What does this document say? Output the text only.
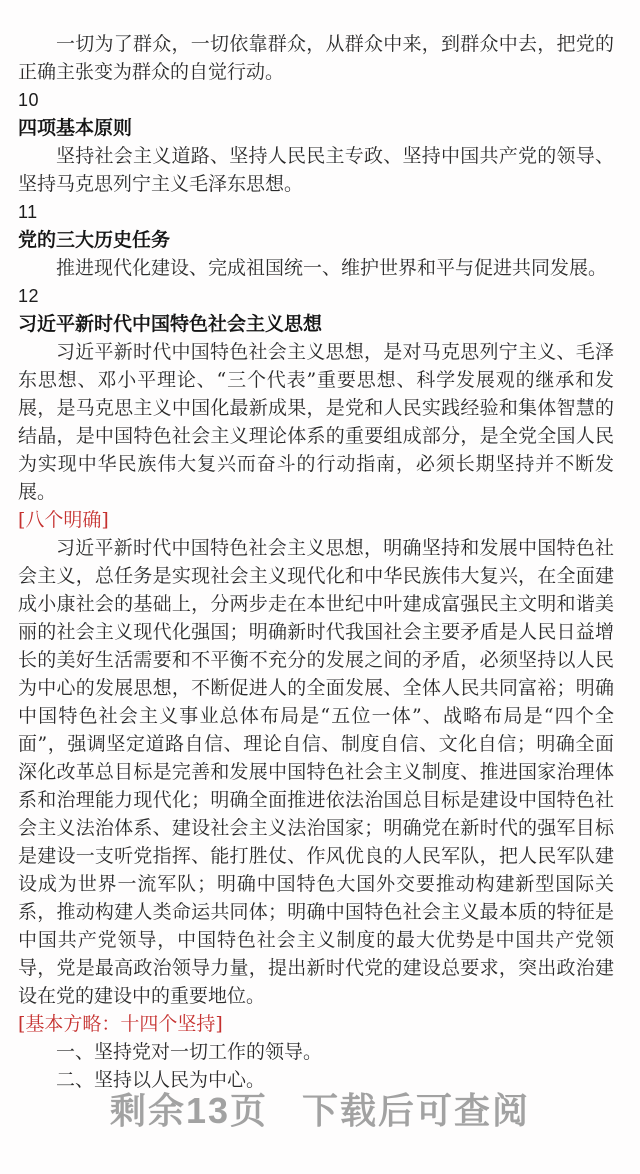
一切为了群众，一切依靠群众，从群众中来，到群众中去，把党的正确主张变为群众的自觉行动。

10
四项基本原则

坚持社会主义道路、坚持人民民主专政、坚持中国共产党的领导、坚持马克思列宁主义毛泽东思想。

11
党的三大历史任务

推进现代化建设、完成祖国统一、维护世界和平与促进共同发展。

12
习近平新时代中国特色社会主义思想

习近平新时代中国特色社会主义思想，是对马克思列宁主义、毛泽东思想、邓小平理论、“三个代表”重要思想、科学发展观的继承和发展，是马克思主义中国化最新成果，是党和人民实践经验和集体智慧的结晶，是中国特色社会主义理论体系的重要组成部分，是全党全国人民为实现中华民族伟大复兴而奋斗的行动指南，必须长期坚持并不断发展。

[八个明确]

习近平新时代中国特色社会主义思想，明确坚持和发展中国特色社会主义，总任务是实现社会主义现代化和中华民族伟大复兴，在全面建成小康社会的基础上，分两步走在本世纪中叶建成富强民主文明和谐美丽的社会主义现代化强国；明确新时代我国社会主要矛盾是人民日益增长的美好生活需要和不平衡不充分的发展之间的矛盾，必须坚持以人民为中心的发展思想，不断促进人的全面发展、全体人民共同富裕；明确中国特色社会主义事业总体布局是“五位一体”、战略布局是“四个全面”，强调坚定道路自信、理论自信、制度自信、文化自信；明确全面深化改革总目标是完善和发展中国特色社会主义制度、推进国家治理体系和治理能力现代化；明确全面推进依法治国总目标是建设中国特色社会主义法治体系、建设社会主义法治国家；明确党在新时代的强军目标是建设一支听党指挥、能打胜仗、作风优良的人民军队，把人民军队建设成为世界一流军队；明确中国特色大国外交要推动构建新型国际关系，推动构建人类命运共同体；明确中国特色社会主义最本质的特征是中国共产党领导，中国特色社会主义制度的最大优势是中国共产党领导，党是最高政治领导力量，提出新时代党的建设总要求，突出政治建设在党的建设中的重要地位。

[基本方略：十四个坚持]
一、坚持党对一切工作的领导。
二、坚持以人民为中心。
剩余13页 下载后可查阅
